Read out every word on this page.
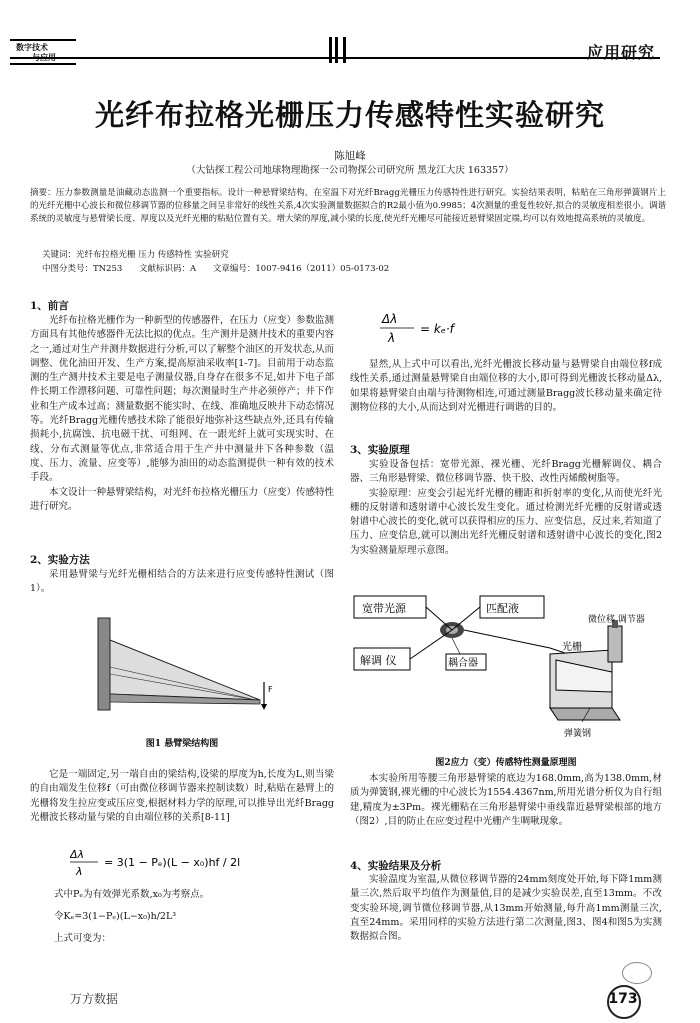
数字技术
与应用	应用研究
光纤布拉格光栅压力传感特性实验研究
陈旭峰
（大钻探工程公司地球物理勘探一公司物探公司研究所 黑龙江大庆 163357）
摘要：压力参数测量是油藏动态监测一个重要指标。设计一种悬臂梁结构，在室温下对光纤Bragg光栅压力传感特性进行研究。实验结果表明，粘贴在三角形弹簧钢片上的光纤光栅中心波长和微位移调节器的位移量之间呈非常好的线性关系,4次实验测量数据拟合的R2最小值为0.9985；4次测量的重复性较好,拟合的灵敏度相差很小。调谐系统的灵敏度与悬臂梁长度、厚度以及光纤光栅的粘贴位置有关。增大梁的厚度,减小梁的长度,使光纤光栅尽可能接近悬臂梁固定端,均可以有效地提高系统的灵敏度。
关键词：光纤布拉格光栅 压力 传感特性 实验研究
中图分类号：TN253 文献标识码：A 文章编号：1007-9416（2011）05-0173-02
1、前言

光纤布拉格光栅作为一种新型的传感器件，在压力（应变）参数监测方面具有其他传感器件无法比拟的优点。生产测井是测井技术的重要内容之一,通过对生产井测井数据进行分析,可以了解整个油区的开发状态,从而调整、优化油田开发、生产方案,提高原油采收率[1-7]。目前用于动态监测的生产测井技术主要是电子测量仪器,自身存在很多不足,如井下电子部件长期工作漂移问题、可靠性问题；每次测量时生产井必须停产；井下作业和生产成本过高；测量数据不能实时、在线、准确地反映井下动态情况等。光纤Bragg光栅传感技术除了能很好地弥补这些缺点外,还具有传输损耗小,抗腐蚀、抗电磁干扰、可组网、在一跟光纤上就可实现实时、在线、分布式测量等优点,非常适合用于生产井中测量井下各种参数（温度、压力、流量、应变等）,能够为油田的动态监测提供一种有效的技术手段。

本文设计一种悬臂梁结构，对光纤布拉格光栅压力（应变）传感特性进行研究。

2、实验方法

采用悬臂梁与光纤光栅相结合的方法来进行应变传感特性测试（图1）。

F
图1 悬臂梁结构图

它是一端固定,另一端自由的梁结构,设梁的厚度为h,长度为L,则当梁的自由端发生位移f（可由微位移调节器来控制读数）时,粘贴在悬臂上的光栅将发生拉应变或压应变,根据材料力学的原理,可以推导出光纤Bragg光栅波长移动量与梁的自由端位移的关系[8-11]

Δλ
λ
= 3(1 − Pₑ)(L − x₀)hf / 2l
式中Pₑ为有效弹光系数,x₀为考察点。
令Kₑ=3(1−Pₑ)(L−x₀)h/2L³
上式可变为：
Δλ
λ
= kₑ·f

显然,从上式中可以看出,光纤光栅波长移动量与悬臂梁自由端位移f成线性关系,通过测量悬臂梁自由端位移的大小,即可得到光栅波长移动量Δλ,如果将悬臂梁自由端与待测物相连,可通过测量Bragg波长移动量来确定待测物位移的大小,从而达到对光栅进行调谐的目的。

3、实验原理

实验设备包括：宽带光源、裸光栅、光纤Bragg光栅解调仪、耦合器、三角形悬臂梁、微位移调节器、快干胶、改性丙烯酸树脂等。

实验原理：应变会引起光纤光栅的栅距和折射率的变化,从而使光纤光栅的反射谱和透射谱中心波长发生变化。通过检测光纤光栅的反射谱或透射谱中心波长的变化,就可以获得相应的压力、应变信息，反过来,若知道了压力、应变信息,就可以测出光纤光栅反射谱和透射谱中心波长的变化,图2为实验测量原理示意图。

宽带光源
解调 仪
匹配液
耦合器
微位移 调节器
光栅
弹簧钢
图2应力（变）传感特性测量原理图

本实验所用等腰三角形悬臂梁的底边为168.0mm,高为138.0mm,材质为弹簧钢,裸光栅的中心波长为1554.4367nm,所用光谱分析仪为自行组建,精度为±3Pm。裸光栅粘在三角形悬臂梁中垂线靠近悬臂梁根部的地方（图2）,目的防止在应变过程中光栅产生啁啾现象。

4、实验结果及分析

实验温度为室温,从微位移调节器的24mm刻度处开始,每下降1mm测量三次,然后取平均值作为测量值,目的是减少实验误差,直至13mm。不改变实验环境,调节微位移调节器,从13mm开始测量,每升高1mm测量三次,直至24mm。采用同样的实验方法进行第二次测量,图3、图4和图5为实测数据拟合图。

万方数据	173
